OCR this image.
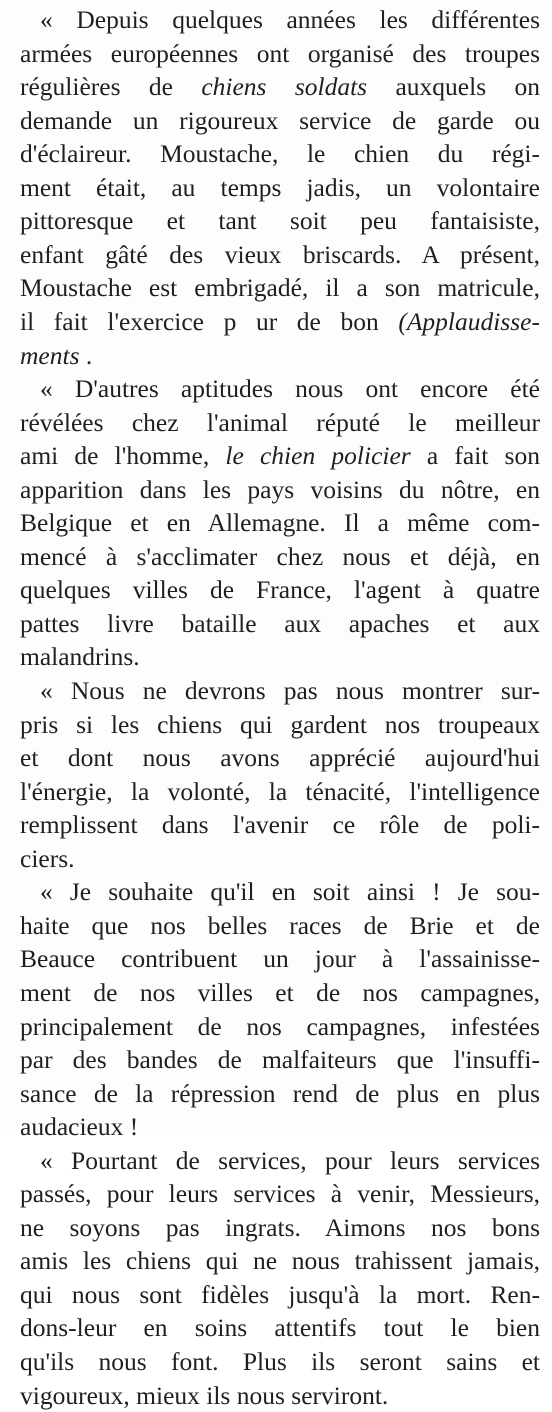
« Depuis quelques années les différentes
armées européennes ont organisé des troupes
régulières de chiens soldats auxquels on
demande un rigoureux service de garde ou
d'éclaireur. Moustache, le chien du régi-
ment était, au temps jadis, un volontaire
pittoresque et tant soit peu fantaisiste,
enfant gâté des vieux briscards. A présent,
Moustache est embrigadé, il a son matricule,
il fait l'exercice p ur de bon (Applaudisse-
ments .
« D'autres aptitudes nous ont encore été
révélées chez l'animal réputé le meilleur
ami de l'homme, le chien policier a fait son
apparition dans les pays voisins du nôtre, en
Belgique et en Allemagne. Il a même com-
mencé à s'acclimater chez nous et déjà, en
quelques villes de France, l'agent à quatre
pattes livre bataille aux apaches et aux
malandrins.
« Nous ne devrons pas nous montrer sur-
pris si les chiens qui gardent nos troupeaux
et dont nous avons apprécié aujourd'hui
l'énergie, la volonté, la ténacité, l'intelligence
remplissent dans l'avenir ce rôle de poli-
ciers.
« Je souhaite qu'il en soit ainsi ! Je sou-
haite que nos belles races de Brie et de
Beauce contribuent un jour à l'assainisse-
ment de nos villes et de nos campagnes,
principalement de nos campagnes, infestées
par des bandes de malfaiteurs que l'insuffi-
sance de la répression rend de plus en plus
audacieux !
« Pourtant de services, pour leurs services
passés, pour leurs services à venir, Messieurs,
ne soyons pas ingrats. Aimons nos bons
amis les chiens qui ne nous trahissent jamais,
qui nous sont fidèles jusqu'à la mort. Ren-
dons-leur en soins attentifs tout le bien
qu'ils nous font. Plus ils seront sains et
vigoureux, mieux ils nous serviront.
